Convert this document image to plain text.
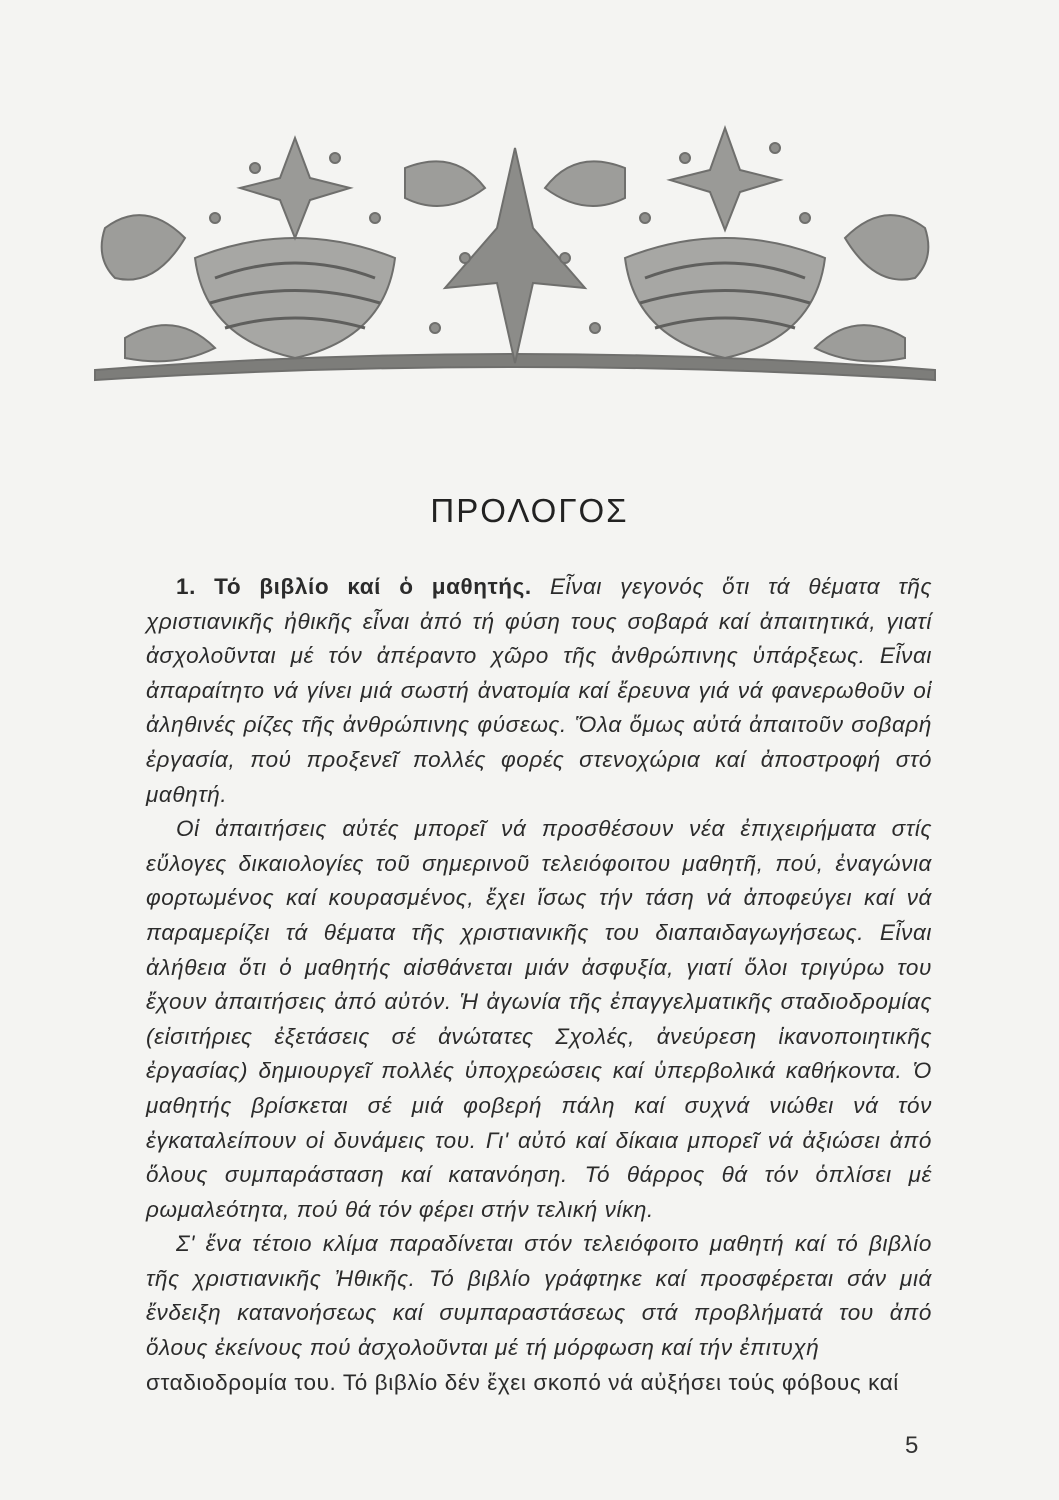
ΠΡΟΛΟΓΟΣ

1. Τό βιβλίο καί ὁ μαθητής. Εἶναι γεγονός ὅτι τά θέματα τῆς χριστιανικῆς ἠθικῆς εἶναι ἀπό τή φύση τους σοβαρά καί ἀπαιτητικά, γιατί ἀσχολοῦνται μέ τόν ἀπέραντο χῶρο τῆς ἀνθρώπινης ὑπάρξεως. Εἶναι ἀπαραίτητο νά γίνει μιά σωστή ἀνατομία καί ἔρευνα γιά νά φανερωθοῦν οἱ ἀληθινές ρίζες τῆς ἀνθρώπινης φύσεως. Ὅλα ὅμως αὐτά ἀπαιτοῦν σοβαρή ἐργασία, πού προξενεῖ πολλές φορές στενοχώρια καί ἀποστροφή στό μαθητή.

Οἱ ἀπαιτήσεις αὐτές μπορεῖ νά προσθέσουν νέα ἐπιχειρήματα στίς εὔλογες δικαιολογίες τοῦ σημερινοῦ τελειόφοιτου μαθητῆ, πού, ἐναγώνια φορτωμένος καί κουρασμένος, ἔχει ἴσως τήν τάση νά ἀποφεύγει καί νά παραμερίζει τά θέματα τῆς χριστιανικῆς του διαπαιδαγωγήσεως. Εἶναι ἀλήθεια ὅτι ὁ μαθητής αἰσθάνεται μιάν ἀσφυξία, γιατί ὅλοι τριγύρω του ἔχουν ἀπαιτήσεις ἀπό αὐτόν. Ἡ ἀγωνία τῆς ἐπαγγελματικῆς σταδιοδρομίας (εἰσιτήριες ἐξετάσεις σέ ἀνώτατες Σχολές, ἀνεύρεση ἱκανοποιητικῆς ἐργασίας) δημιουργεῖ πολλές ὑποχρεώσεις καί ὑπερβολικά καθήκοντα. Ὁ μαθητής βρίσκεται σέ μιά φοβερή πάλη καί συχνά νιώθει νά τόν ἐγκαταλείπουν οἱ δυνάμεις του. Γι' αὐτό καί δίκαια μπορεῖ νά ἀξιώσει ἀπό ὅλους συμπαράσταση καί κατανόηση. Τό θάρρος θά τόν ὁπλίσει μέ ρωμαλεότητα, πού θά τόν φέρει στήν τελική νίκη.

Σ' ἕνα τέτοιο κλίμα παραδίνεται στόν τελειόφοιτο μαθητή καί τό βιβλίο τῆς χριστιανικῆς Ἠθικῆς. Τό βιβλίο γράφτηκε καί προσφέρεται σάν μιά ἔνδειξη κατανοήσεως καί συμπαραστάσεως στά προβλήματά του ἀπό ὅλους ἐκείνους πού ἀσχολοῦνται μέ τή μόρφωση καί τήν ἐπιτυχή

σταδιοδρομία του. Τό βιβλίο δέν ἔχει σκοπό νά αὐξήσει τούς φόβους καί

5
